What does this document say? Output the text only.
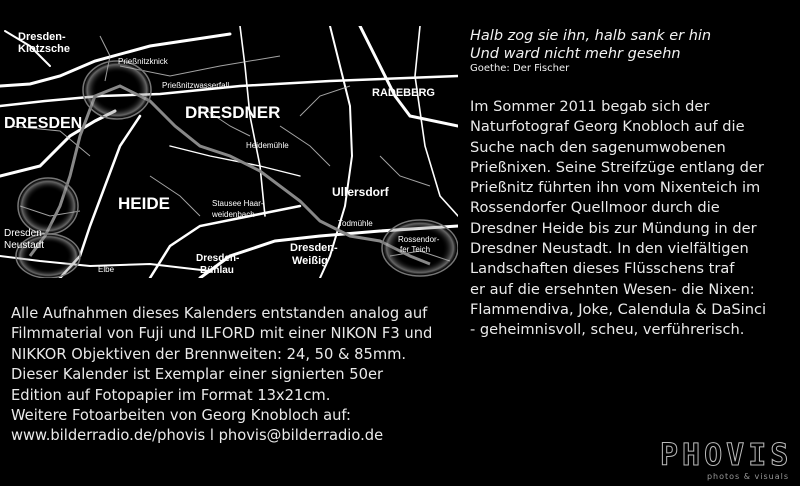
Dresden-
Klotzsche
Prießnitzknick
Prießnitzwasserfall
DRESDNER
RADEBERG
DRESDEN
Heidemühle
Ullersdorf
HEIDE	Stausee Haar-
weidenbach
Todmühle
Rossendor-
fer Teich
Dresden-
Neustadt
Elbe
Dresden-
Bühlau
Dresden-
Weißig
Halb zog sie ihn, halb sank er hin
Und ward nicht mehr gesehn
Goethe: Der Fischer
Im Sommer 2011 begab sich der
Naturfotograf Georg Knobloch auf die
Suche nach den sagenumwobenen
Prießnixen. Seine Streifzüge entlang der
Prießnitz führten ihn vom Nixenteich im
Rossendorfer Quellmoor durch die
Dresdner Heide bis zur Mündung in der
Dresdner Neustadt. In den vielfältigen
Landschaften dieses Flüsschens traf
er auf die ersehnten Wesen- die Nixen:
Flammendiva, Joke, Calendula & DaSinci
- geheimnisvoll, scheu, verführerisch.
Alle Aufnahmen dieses Kalenders entstanden analog auf
Filmmaterial von Fuji und ILFORD mit einer NIKON F3 und
NIKKOR Objektiven der Brennweiten: 24, 50 & 85mm.
Dieser Kalender ist Exemplar einer signierten 50er
Edition auf Fotopapier im Format 13x21cm.
Weitere Fotoarbeiten von Georg Knobloch auf:
www.bilderradio.de/phovis l phovis@bilderradio.de
PHOVIS
photos & visuals
